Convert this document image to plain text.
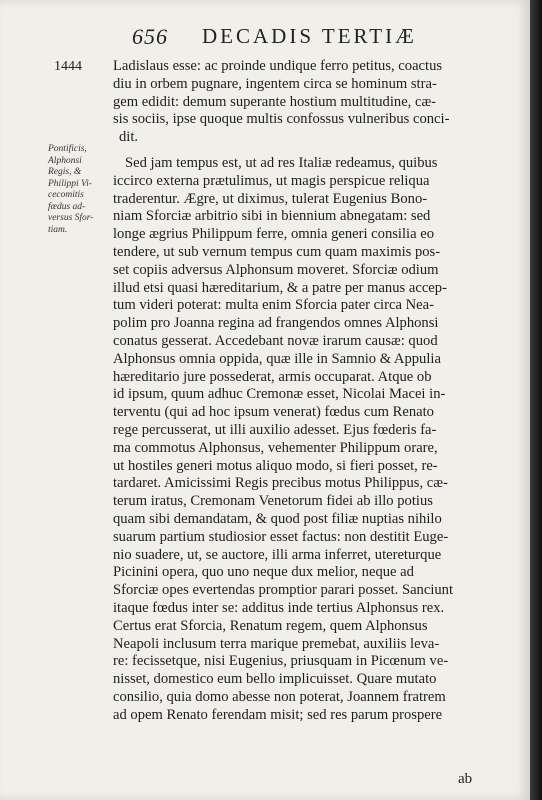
656 DECADIS TERTIÆ
1444
Pontificis,
Alphonsi
Regis, &
Philippi Vi-
cecomitis
fœdus ad-
versus Sfor-
tiam.
Ladislaus esse: ac proinde undique ferro petitus, coactus
diu in orbem pugnare, ingentem circa se hominum stra-
gem edidit: demum superante hostium multitudine, cæ-
sis sociis, ipse quoque multis confossus vulneribus conci-
dit.
Sed jam tempus est, ut ad res Italiæ redeamus, quibus
iccirco externa prætulimus, ut magis perspicue reliqua
traderentur. Ægre, ut diximus, tulerat Eugenius Bono-
niam Sforciæ arbitrio sibi in biennium abnegatam: sed
longe ægrius Philippum ferre, omnia generi consilia eo
tendere, ut sub vernum tempus cum quam maximis pos-
set copiis adversus Alphonsum moveret. Sforciæ odium
illud etsi quasi hæreditarium, & a patre per manus accep-
tum videri poterat: multa enim Sforcia pater circa Nea-
polim pro Joanna regina ad frangendos omnes Alphonsi
conatus gesserat. Accedebant novæ irarum causæ: quod
Alphonsus omnia oppida, quæ ille in Samnio & Appulia
hæreditario jure possederat, armis occuparat. Atque ob
id ipsum, quum adhuc Cremonæ esset, Nicolai Macei in-
terventu (qui ad hoc ipsum venerat) fœdus cum Renato
rege percusserat, ut illi auxilio adesset. Ejus fœderis fa-
ma commotus Alphonsus, vehementer Philippum orare,
ut hostiles generi motus aliquo modo, si fieri posset, re-
tardaret. Amicissimi Regis precibus motus Philippus, cæ-
terum iratus, Cremonam Venetorum fidei ab illo potius
quam sibi demandatam, & quod post filiæ nuptias nihilo
suarum partium studiosior esset factus: non destitit Euge-
nio suadere, ut, se auctore, illi arma inferret, utereturque
Picinini opera, quo uno neque dux melior, neque ad
Sforciæ opes evertendas promptior parari posset. Sanciunt
itaque fœdus inter se: additus inde tertius Alphonsus rex.
Certus erat Sforcia, Renatum regem, quem Alphonsus
Neapoli inclusum terra marique premebat, auxiliis leva-
re: fecissetque, nisi Eugenius, priusquam in Picœnum ve-
nisset, domestico eum bello implicuisset. Quare mutato
consilio, quia domo abesse non poterat, Joannem fratrem
ad opem Renato ferendam misit; sed res parum prospere
ab
